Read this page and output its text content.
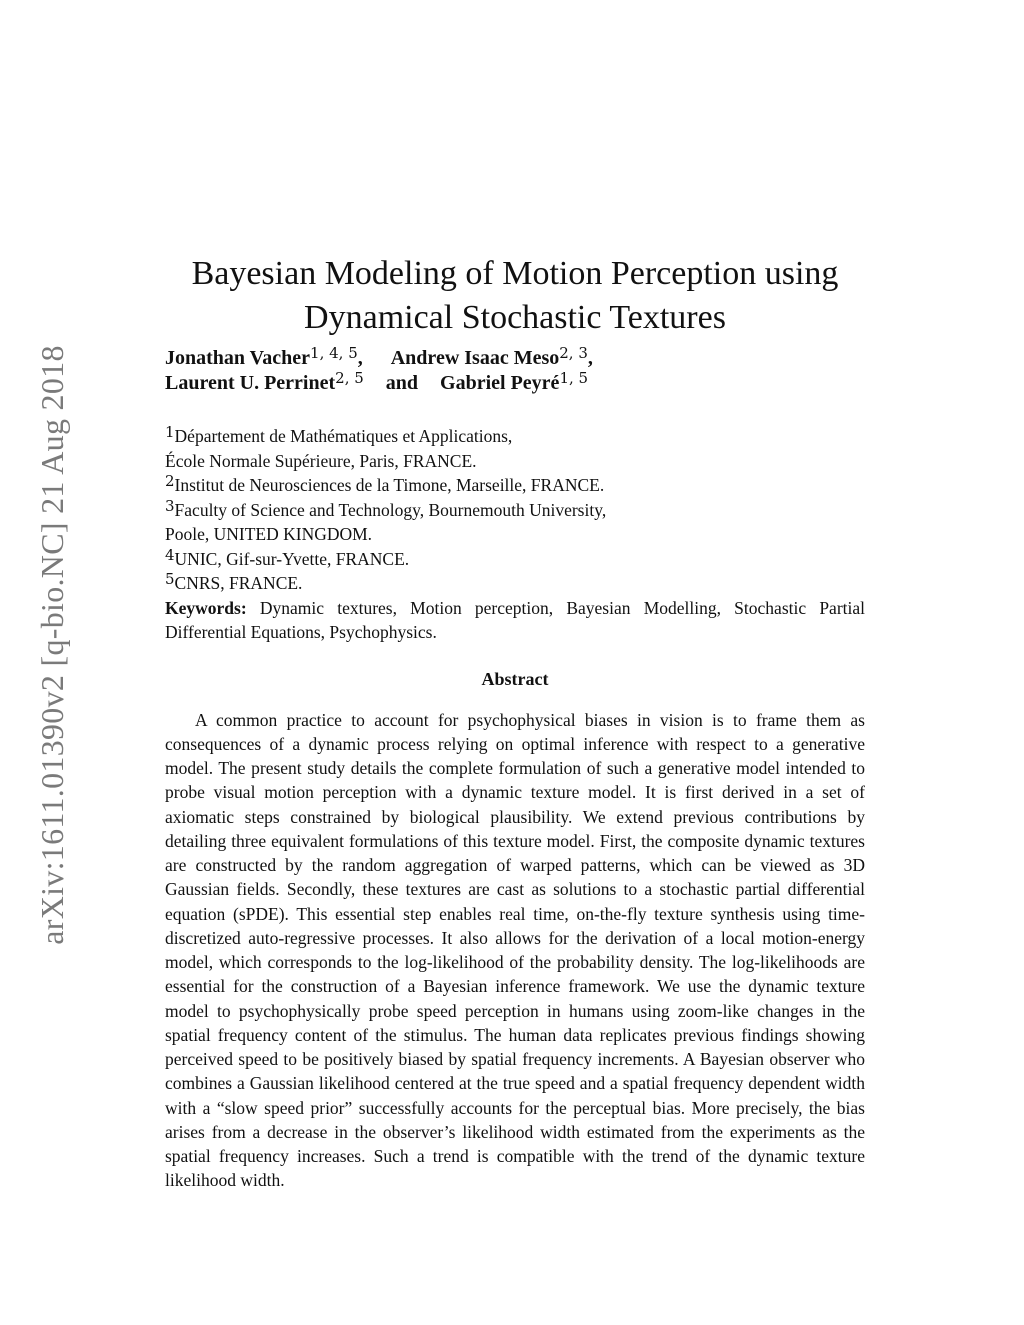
arXiv:1611.01390v2 [q-bio.NC] 21 Aug 2018
Bayesian Modeling of Motion Perception using
Dynamical Stochastic Textures
Jonathan Vacher$^{1, 4, 5}$, Andrew Isaac Meso$^{2, 3}$,
Laurent U. Perrinet$^{2, 5}$ and Gabriel Peyré$^{1, 5}$
1Département de Mathématiques et Applications,
École Normale Supérieure, Paris, FRANCE.
2Institut de Neurosciences de la Timone, Marseille, FRANCE.
3Faculty of Science and Technology, Bournemouth University,
Poole, UNITED KINGDOM.
4UNIC, Gif-sur-Yvette, FRANCE.
5CNRS, FRANCE.
Keywords: Dynamic textures, Motion perception, Bayesian Modelling, Stochastic Partial Differential Equations, Psychophysics.
Abstract
A common practice to account for psychophysical biases in vision is to frame them as consequences of a dynamic process relying on optimal inference with respect to a generative model. The present study details the complete formulation of such a generative model intended to probe visual motion perception with a dynamic texture model. It is first derived in a set of axiomatic steps constrained by biological plausibility. We extend previous contributions by detailing three equivalent formulations of this texture model. First, the composite dynamic textures are constructed by the random aggregation of warped patterns, which can be viewed as 3D Gaussian fields. Secondly, these textures are cast as solutions to a stochastic partial differential equation (sPDE). This essential step enables real time, on-the-fly texture synthesis using time-discretized auto-regressive processes. It also allows for the derivation of a local motion-energy model, which corresponds to the log-likelihood of the probability density. The log-likelihoods are essential for the construction of a Bayesian inference framework. We use the dynamic texture model to psychophysically probe speed perception in humans using zoom-like changes in the spatial frequency content of the stimulus. The human data replicates previous findings showing perceived speed to be positively biased by spatial frequency increments. A Bayesian observer who combines a Gaussian likelihood centered at the true speed and a spatial frequency dependent width with a “slow speed prior” successfully accounts for the perceptual bias. More precisely, the bias arises from a decrease in the observer’s likelihood width estimated from the experiments as the spatial frequency increases. Such a trend is compatible with the trend of the dynamic texture likelihood width.
